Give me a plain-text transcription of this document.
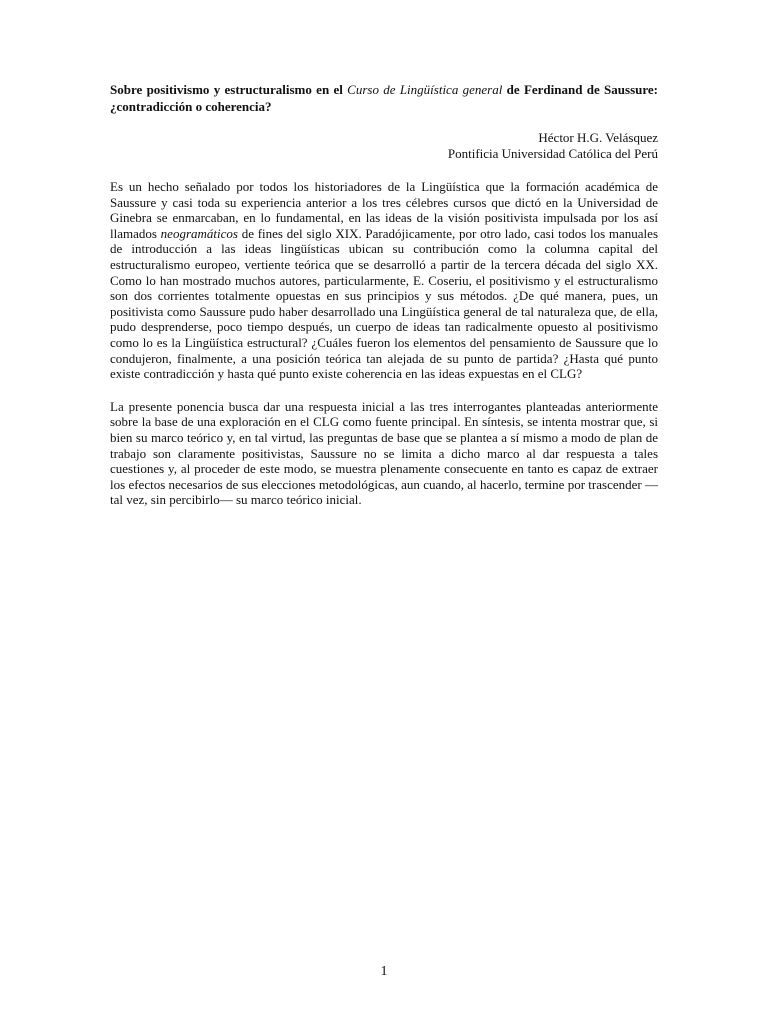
Sobre positivismo y estructuralismo en el Curso de Lingüística general de Ferdinand de Saussure: ¿contradicción o coherencia?

Héctor H.G. Velásquez
Pontificia Universidad Católica del Perú

Es un hecho señalado por todos los historiadores de la Lingüística que la formación académica de Saussure y casi toda su experiencia anterior a los tres célebres cursos que dictó en la Universidad de Ginebra se enmarcaban, en lo fundamental, en las ideas de la visión positivista impulsada por los así llamados neogramáticos de fines del siglo XIX. Paradójicamente, por otro lado, casi todos los manuales de introducción a las ideas lingüísticas ubican su contribución como la columna capital del estructuralismo europeo, vertiente teórica que se desarrolló a partir de la tercera década del siglo XX. Como lo han mostrado muchos autores, particularmente, E. Coseriu, el positivismo y el estructuralismo son dos corrientes totalmente opuestas en sus principios y sus métodos. ¿De qué manera, pues, un positivista como Saussure pudo haber desarrollado una Lingüística general de tal naturaleza que, de ella, pudo desprenderse, poco tiempo después, un cuerpo de ideas tan radicalmente opuesto al positivismo como lo es la Lingüística estructural? ¿Cuáles fueron los elementos del pensamiento de Saussure que lo condujeron, finalmente, a una posición teórica tan alejada de su punto de partida? ¿Hasta qué punto existe contradicción y hasta qué punto existe coherencia en las ideas expuestas en el CLG?

La presente ponencia busca dar una respuesta inicial a las tres interrogantes planteadas anteriormente sobre la base de una exploración en el CLG como fuente principal. En síntesis, se intenta mostrar que, si bien su marco teórico y, en tal virtud, las preguntas de base que se plantea a sí mismo a modo de plan de trabajo son claramente positivistas, Saussure no se limita a dicho marco al dar respuesta a tales cuestiones y, al proceder de este modo, se muestra plenamente consecuente en tanto es capaz de extraer los efectos necesarios de sus elecciones metodológicas, aun cuando, al hacerlo, termine por trascender —tal vez, sin percibirlo— su marco teórico inicial.

1
